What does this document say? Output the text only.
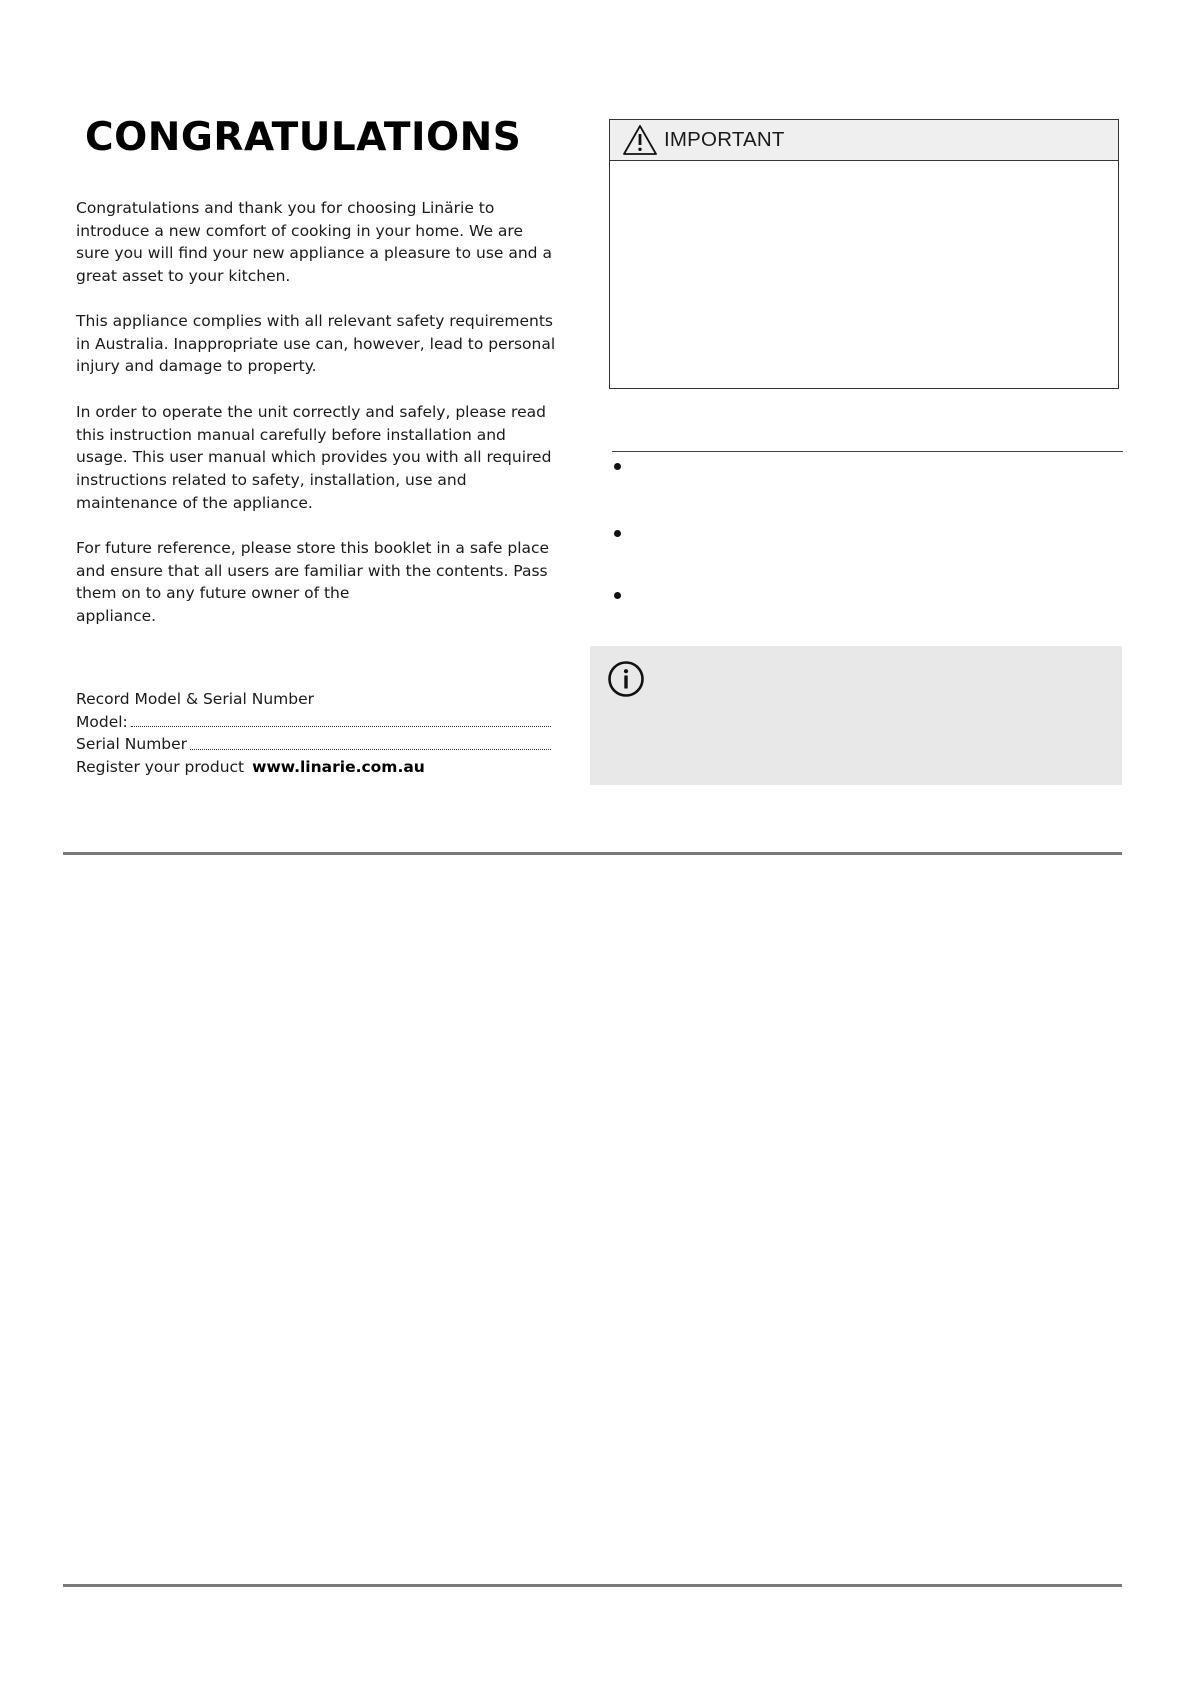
CONGRATULATIONS

Congratulations and thank you for choosing Linärie to introduce a new comfort of cooking in your home. We are sure you will find your new appliance a pleasure to use and a great asset to your kitchen.

This appliance complies with all relevant safety requirements in Australia. Inappropriate use can, however, lead to personal injury and damage to property.

In order to operate the unit correctly and safely, please read this instruction manual carefully before installation and usage. This user manual which provides you with all required instructions related to safety, installation, use and maintenance of the appliance.

For future reference, please store this booklet in a safe place and ensure that all users are familiar with the contents. Pass them on to any future owner of the
appliance.

Record Model & Serial Number
Model:
Serial Number
Register your product www.linarie.com.au
IMPORTANT
